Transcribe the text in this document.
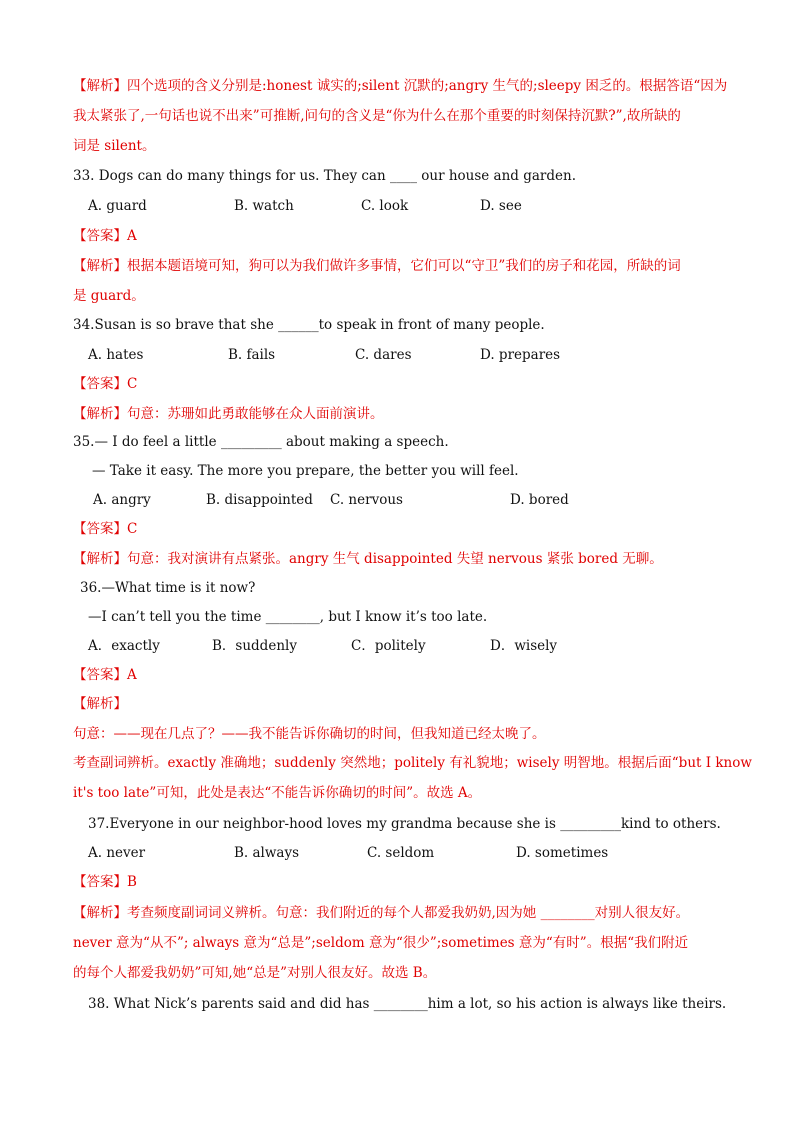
【解析】四个选项的含义分别是:honest 诚实的;silent 沉默的;angry 生气的;sleepy 困乏的。根据答语“因为
我太紧张了,一句话也说不出来”可推断,问句的含义是“你为什么在那个重要的时刻保持沉默?”,故所缺的
词是 silent。
33. Dogs can do many things for us. They can ____ our house and garden.
A. guard	B. watch	C. look	D. see
【答案】A
【解析】根据本题语境可知，狗可以为我们做许多事情，它们可以“守卫”我们的房子和花园，所缺的词
是 guard。
34.Susan is so brave that she ______to speak in front of many people.
A. hates	B. fails	C. dares	D. prepares
【答案】C
【解析】句意：苏珊如此勇敢能够在众人面前演讲。
35.— I do feel a little _________ about making a speech.
— Take it easy. The more you prepare, the better you will feel.
A. angry	B. disappointed C. nervous	D. bored
【答案】C
【解析】句意：我对演讲有点紧张。angry 生气 disappointed 失望 nervous 紧张 bored 无聊。
36.—What time is it now?
—I can’t tell you the time ________, but I know it’s too late.
A．exactly	B．suddenly	C．politely	D．wisely
【答案】A
【解析】
句意：——现在几点了？——我不能告诉你确切的时间，但我知道已经太晚了。
考查副词辨析。exactly 准确地；suddenly 突然地；politely 有礼貌地；wisely 明智地。根据后面“but I know
it's too late”可知，此处是表达“不能告诉你确切的时间”。故选 A。
37.Everyone in our neighbor-hood loves my grandma because she is _________kind to others.
A. never	B. always	C. seldom	D. sometimes
【答案】B
【解析】考查频度副词词义辨析。句意：我们附近的每个人都爱我奶奶,因为她 ________对别人很友好。
never 意为“从不”; always 意为“总是”;seldom 意为“很少”;sometimes 意为“有时”。根据“我们附近
的每个人都爱我奶奶”可知,她“总是”对别人很友好。故选 B。
38. What Nick’s parents said and did has ________him a lot, so his action is always like theirs.
